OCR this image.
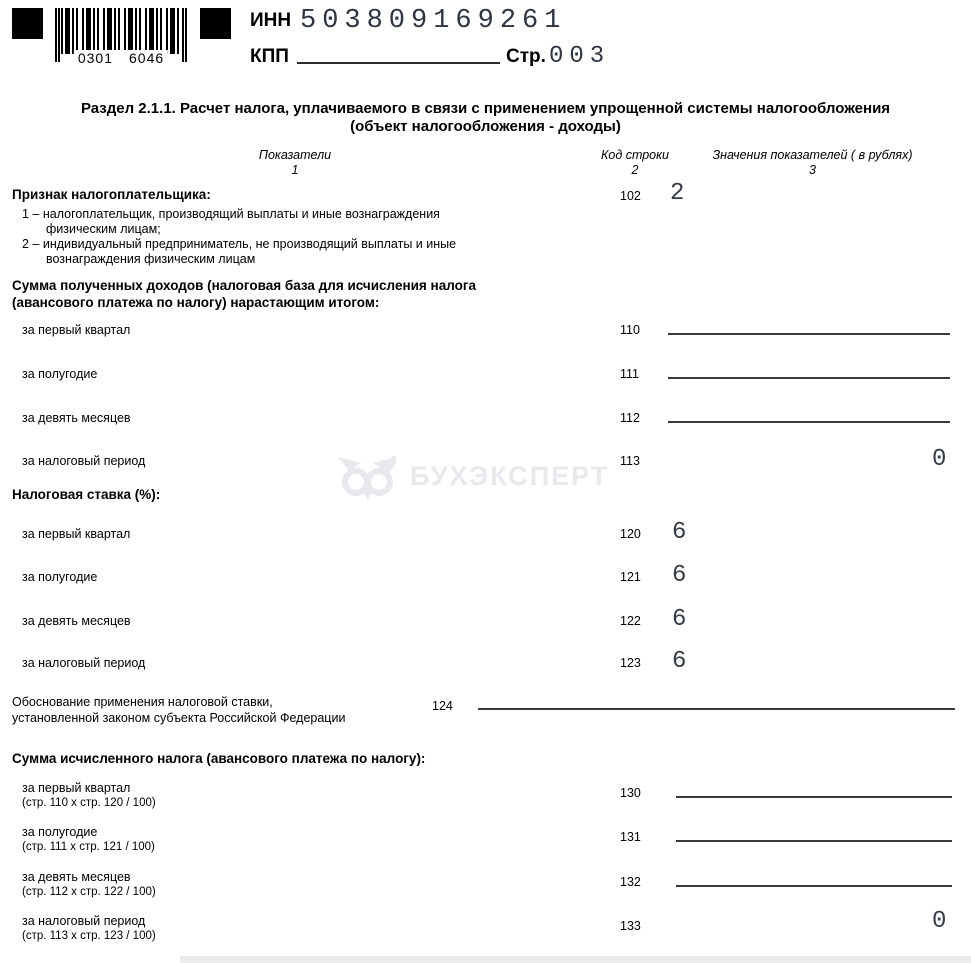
0301 6046
ИНН 503809169261
КПП	Стр. 003
Раздел 2.1.1. Расчет налога, уплачиваемого в связи с применением упрощенной системы налогообложения
(объект налогообложения - доходы)
Показатели
1
Код строки
2
Значения показателей ( в рублях)
3
Признак налогоплательщика:	102 2
1 – налогоплательщик, производящий выплаты и иные вознаграждения
физическим лицам;
2 – индивидуальный предприниматель, не производящий выплаты и иные
вознаграждения физическим лицам
Сумма полученных доходов (налоговая база для исчисления налога
(авансового платежа по налогу) нарастающим итогом:
за первый квартал	110
за полугодие	111
за девять месяцев	112
за налоговый период	113	0
БУХЭКСПЕРТ
Налоговая ставка (%):
за первый квартал	120 6
за полугодие	121 6
за девять месяцев	122 6
за налоговый период	123 6
Обоснование применения налоговой ставки,
установленной законом субъекта Российской Федерации
124
Сумма исчисленного налога (авансового платежа по налогу):
за первый квартал
(стр. 110 х стр. 120 / 100)
130
за полугодие
(стр. 111 х стр. 121 / 100)
131
за девять месяцев
(стр. 112 х стр. 122 / 100)
132
за налоговый период
(стр. 113 х стр. 123 / 100)
133	0
